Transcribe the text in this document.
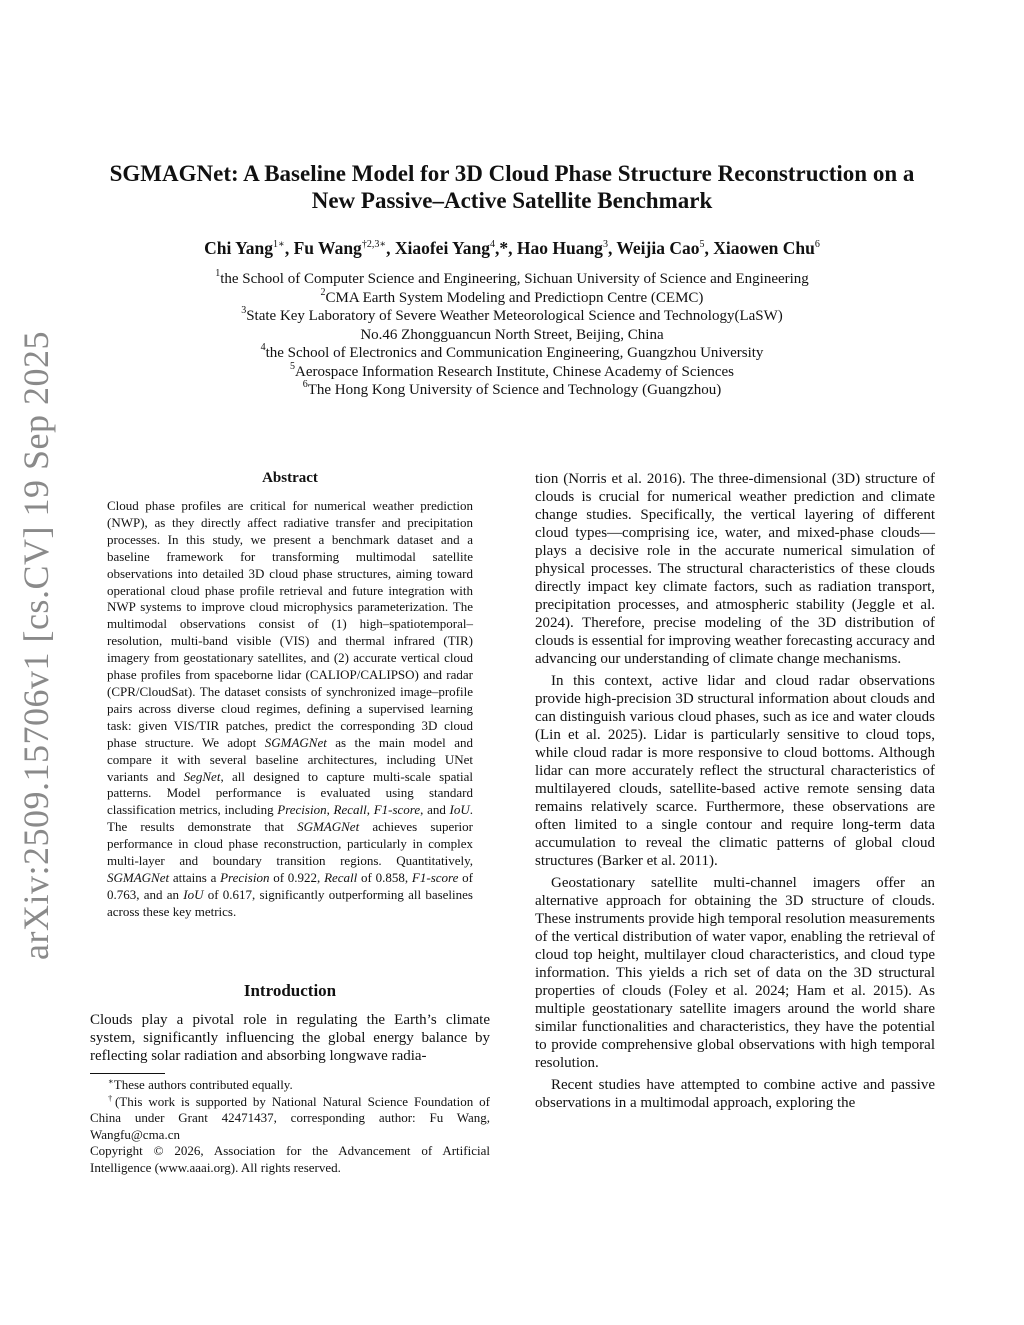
arXiv:2509.15706v1 [cs.CV] 19 Sep 2025
SGMAGNet: A Baseline Model for 3D Cloud Phase Structure Reconstruction on a
New Passive–Active Satellite Benchmark
Chi Yang$^{1∗}$, Fu Wang$^{\dagger 2,3∗}$, Xiaofei Yang$^4$,*, Hao Huang$^3$, Weijia Cao$^5$, Xiaowen Chu$^6$
$^1$the School of Computer Science and Engineering, Sichuan University of Science and Engineering
$^2$CMA Earth System Modeling and Predictiopn Centre (CEMC)
$^3$State Key Laboratory of Severe Weather Meteorological Science and Technology(LaSW)
No.46 Zhongguancun North Street, Beijing, China
$^4$the School of Electronics and Communication Engineering, Guangzhou University
$^5$Aerospace Information Research Institute, Chinese Academy of Sciences
$^6$The Hong Kong University of Science and Technology (Guangzhou)
Abstract

Cloud phase profiles are critical for numerical weather prediction (NWP), as they directly affect radiative transfer and precipitation processes. In this study, we present a benchmark dataset and a baseline framework for transforming multimodal satellite observations into detailed 3D cloud phase structures, aiming toward operational cloud phase profile retrieval and future integration with NWP systems to improve cloud microphysics parameterization. The multimodal observations consist of (1) high–spatiotemporal–resolution, multi-band visible (VIS) and thermal infrared (TIR) imagery from geostationary satellites, and (2) accurate vertical cloud phase profiles from spaceborne lidar (CALIOP/CALIPSO) and radar (CPR/CloudSat). The dataset consists of synchronized image–profile pairs across diverse cloud regimes, defining a supervised learning task: given VIS/TIR patches, predict the corresponding 3D cloud phase structure. We adopt SGMAGNet as the main model and compare it with several baseline architectures, including UNet variants and SegNet, all designed to capture multi-scale spatial patterns. Model performance is evaluated using standard classification metrics, including Precision, Recall, F1-score, and IoU. The results demonstrate that SGMAGNet achieves superior performance in cloud phase reconstruction, particularly in complex multi-layer and boundary transition regions. Quantitatively, SGMAGNet attains a Precision of 0.922, Recall of 0.858, F1-score of 0.763, and an IoU of 0.617, significantly outperforming all baselines across these key metrics.

Introduction

Clouds play a pivotal role in regulating the Earth’s climate system, significantly influencing the global energy balance by reflecting solar radiation and absorbing longwave radia-

∗These authors contributed equally.

†(This work is supported by National Natural Science Foundation of China under Grant 42471437, corresponding author: Fu Wang, Wangfu@cma.cn

Copyright © 2026, Association for the Advancement of Artificial Intelligence (www.aaai.org). All rights reserved.

tion (Norris et al. 2016). The three-dimensional (3D) structure of clouds is crucial for numerical weather prediction and climate change studies. Specifically, the vertical layering of different cloud types—comprising ice, water, and mixed-phase clouds—plays a decisive role in the accurate numerical simulation of physical processes. The structural characteristics of these clouds directly impact key climate factors, such as radiation transport, precipitation processes, and atmospheric stability (Jeggle et al. 2024). Therefore, precise modeling of the 3D distribution of clouds is essential for improving weather forecasting accuracy and advancing our understanding of climate change mechanisms.

In this context, active lidar and cloud radar observations provide high-precision 3D structural information about clouds and can distinguish various cloud phases, such as ice and water clouds (Lin et al. 2025). Lidar is particularly sensitive to cloud tops, while cloud radar is more responsive to cloud bottoms. Although lidar can more accurately reflect the structural characteristics of multilayered clouds, satellite-based active remote sensing data remains relatively scarce. Furthermore, these observations are often limited to a single contour and require long-term data accumulation to reveal the climatic patterns of global cloud structures (Barker et al. 2011).

Geostationary satellite multi-channel imagers offer an alternative approach for obtaining the 3D structure of clouds. These instruments provide high temporal resolution measurements of the vertical distribution of water vapor, enabling the retrieval of cloud top height, multilayer cloud characteristics, and cloud type information. This yields a rich set of data on the 3D structural properties of clouds (Foley et al. 2024; Ham et al. 2015). As multiple geostationary satellite imagers around the world share similar functionalities and characteristics, they have the potential to provide comprehensive global observations with high temporal resolution.

Recent studies have attempted to combine active and passive observations in a multimodal approach, exploring the
